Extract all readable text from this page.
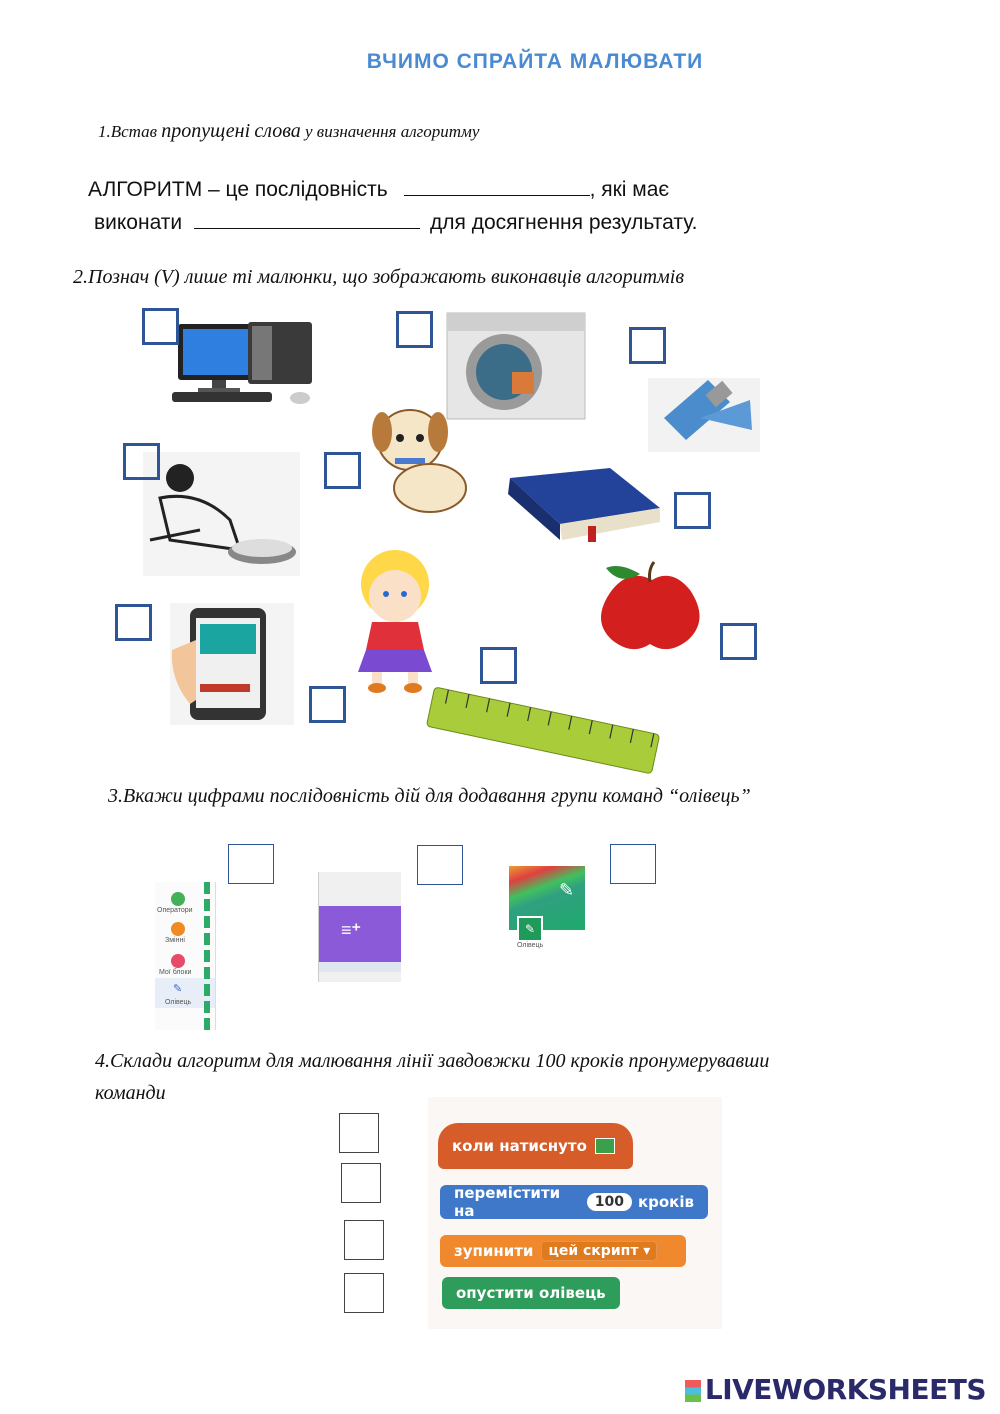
ВЧИМО СПРАЙТА МАЛЮВАТИ
1.Встав пропущені слова у визначення алгоритму
АЛГОРИТМ – це послідовність	, які має
виконати	для досягнення результату.
2.Познач (V) лише ті малюнки, що зображають виконавців алгоритмів
3.Вкажи цифрами послідовність дій для додавання групи команд “олівець”
Оператори
Змінні
Мої блоки
✎
Олівець
≡⁺
✎
✎
Олівець
4.Склади алгоритм для малювання лінії завдовжки 100 кроків пронумерувавши
команди
коли натиснуто
перемістити на	100 кроків
зупинити	цей скрипт ▾
опустити олівець
LIVEWORKSHEETS
